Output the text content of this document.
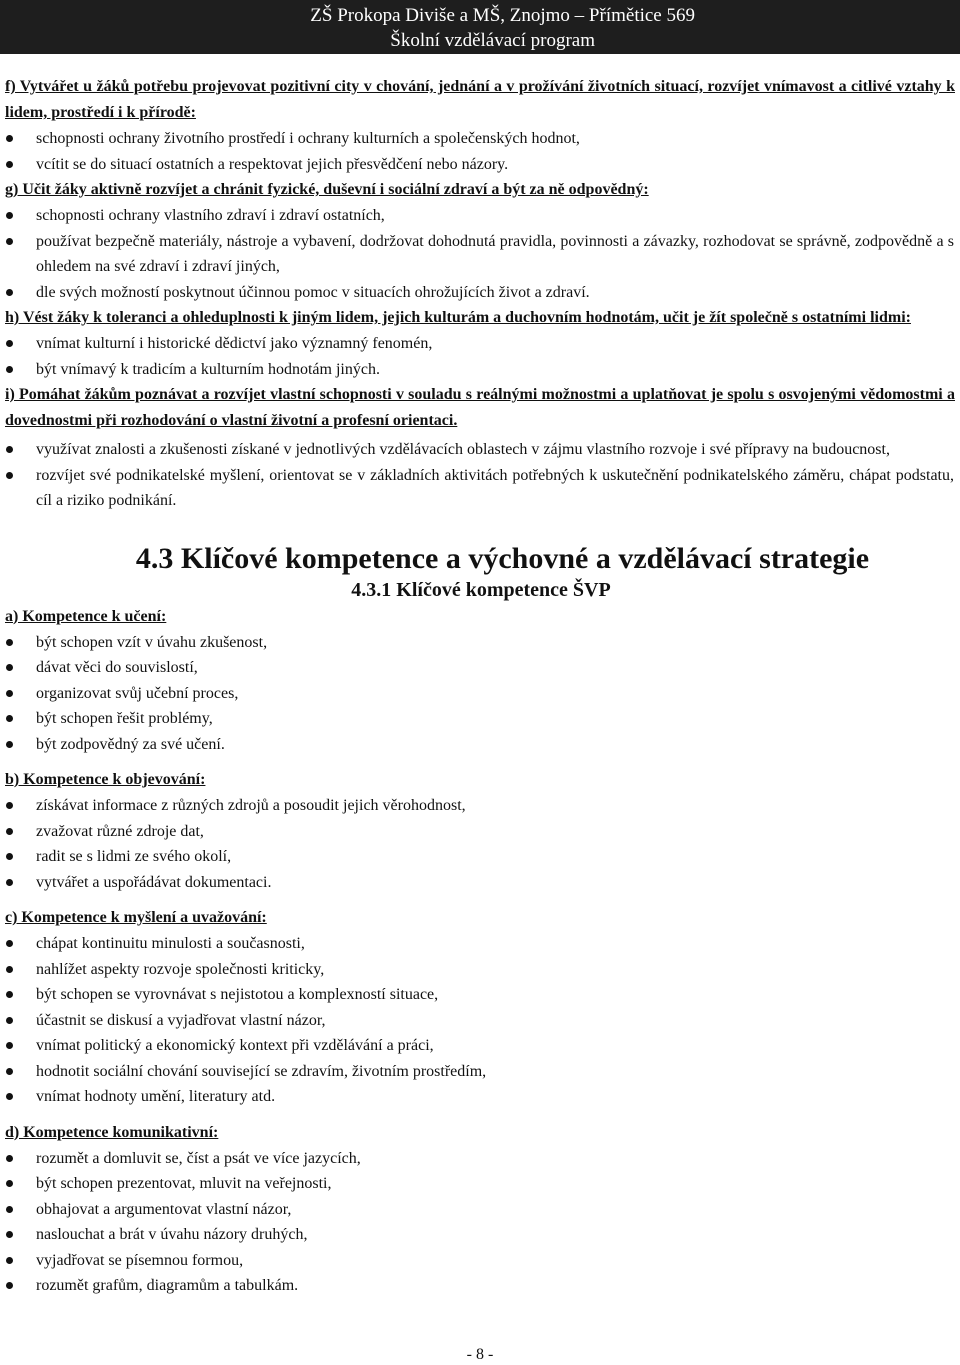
ZŠ Prokopa Diviše a MŠ, Znojmo – Přímětice 569
Školní vzdělávací program
f) Vytvářet u žáků potřebu projevovat pozitivní city v chování, jednání a v prožívání životních situací, rozvíjet vnímavost a citlivé vztahy k lidem, prostředí i k přírodě:
schopnosti ochrany životního prostředí i ochrany kulturních a společenských hodnot,
vcítit se do situací ostatních a respektovat jejich přesvědčení nebo názory.
g) Učit žáky aktivně rozvíjet a chránit fyzické, duševní i sociální zdraví a být za ně odpovědný:
schopnosti ochrany vlastního zdraví i zdraví ostatních,
používat bezpečně materiály, nástroje a vybavení, dodržovat dohodnutá pravidla, povinnosti a závazky, rozhodovat se správně, zodpovědně a s ohledem na své zdraví i zdraví jiných,
dle svých možností poskytnout účinnou pomoc v situacích ohrožujících život a zdraví.
h) Vést žáky k toleranci a ohleduplnosti k jiným lidem, jejich kulturám a duchovním hodnotám, učit je žít společně s ostatními lidmi:
vnímat kulturní i historické dědictví jako významný fenomén,
být vnímavý k tradicím a kulturním hodnotám jiných.
i) Pomáhat žákům poznávat a rozvíjet vlastní schopnosti v souladu s reálnými možnostmi a uplatňovat je spolu s osvojenými vědomostmi a dovednostmi při rozhodování o vlastní životní a profesní orientaci.
využívat znalosti a zkušenosti získané v jednotlivých vzdělávacích oblastech v zájmu vlastního rozvoje i své přípravy na budoucnost,
rozvíjet své podnikatelské myšlení, orientovat se v základních aktivitách potřebných k uskutečnění podnikatelského záměru, chápat podstatu, cíl a riziko podnikání.
4.3 Klíčové kompetence a výchovné a vzdělávací strategie
4.3.1 Klíčové kompetence ŠVP
a) Kompetence k učení:
být schopen vzít v úvahu zkušenost,
dávat věci do souvislostí,
organizovat svůj učební proces,
být schopen řešit problémy,
být zodpovědný za své učení.
b) Kompetence k objevování:
získávat informace z různých zdrojů a posoudit jejich věrohodnost,
zvažovat různé zdroje dat,
radit se s lidmi ze svého okolí,
vytvářet a uspořádávat dokumentaci.
c) Kompetence k myšlení a uvažování:
chápat kontinuitu minulosti a současnosti,
nahlížet aspekty rozvoje společnosti kriticky,
být schopen se vyrovnávat s nejistotou a komplexností situace,
účastnit se diskusí a vyjadřovat vlastní názor,
vnímat politický a ekonomický kontext při vzdělávání a práci,
hodnotit sociální chování související se zdravím, životním prostředím,
vnímat hodnoty umění, literatury atd.
d) Kompetence komunikativní:
rozumět a domluvit se, číst a psát ve více jazycích,
být schopen prezentovat, mluvit na veřejnosti,
obhajovat a argumentovat vlastní názor,
naslouchat a brát v úvahu názory druhých,
vyjadřovat se písemnou formou,
rozumět grafům, diagramům a tabulkám.
- 8 -
